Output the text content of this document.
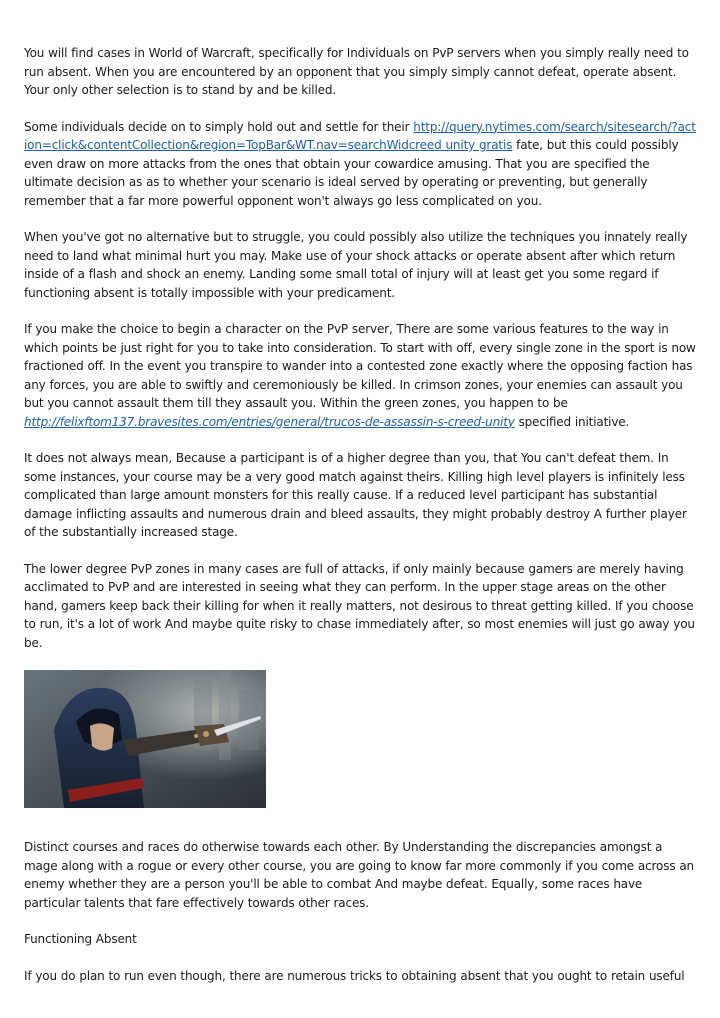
You will find cases in World of Warcraft, specifically for Individuals on PvP servers when you simply really need to run absent. When you are encountered by an opponent that you simply simply cannot defeat, operate absent. Your only other selection is to stand by and be killed.

Some individuals decide on to simply hold out and settle for their http://query.nytimes.com/search/sitesearch/?action=click&contentCollection&region=TopBar&WT.nav=searchWidcreed unity gratis fate, but this could possibly even draw on more attacks from the ones that obtain your cowardice amusing. That you are specified the ultimate decision as as to whether your scenario is ideal served by operating or preventing, but generally remember that a far more powerful opponent won't always go less complicated on you.

When you've got no alternative but to struggle, you could possibly also utilize the techniques you innately really need to land what minimal hurt you may. Make use of your shock attacks or operate absent after which return inside of a flash and shock an enemy. Landing some small total of injury will at least get you some regard if functioning absent is totally impossible with your predicament.

If you make the choice to begin a character on the PvP server, There are some various features to the way in which points be just right for you to take into consideration. To start with off, every single zone in the sport is now fractioned off. In the event you transpire to wander into a contested zone exactly where the opposing faction has any forces, you are able to swiftly and ceremoniously be killed. In crimson zones, your enemies can assault you but you cannot assault them till they assault you. Within the green zones, you happen to be http://felixftom137.bravesites.com/entries/general/trucos-de-assassin-s-creed-unity specified initiative.

It does not always mean, Because a participant is of a higher degree than you, that You can't defeat them. In some instances, your course may be a very good match against theirs. Killing high level players is infinitely less complicated than large amount monsters for this really cause. If a reduced level participant has substantial damage inflicting assaults and numerous drain and bleed assaults, they might probably destroy A further player of the substantially increased stage.

The lower degree PvP zones in many cases are full of attacks, if only mainly because gamers are merely having acclimated to PvP and are interested in seeing what they can perform. In the upper stage areas on the other hand, gamers keep back their killing for when it really matters, not desirous to threat getting killed. If you choose to run, it's a lot of work And maybe quite risky to chase immediately after, so most enemies will just go away you be.

Distinct courses and races do otherwise towards each other. By Understanding the discrepancies amongst a mage along with a rogue or every other course, you are going to know far more commonly if you come across an enemy whether they are a person you'll be able to combat And maybe defeat. Equally, some races have particular talents that fare effectively towards other races.

Functioning Absent

If you do plan to run even though, there are numerous tricks to obtaining absent that you ought to retain useful
